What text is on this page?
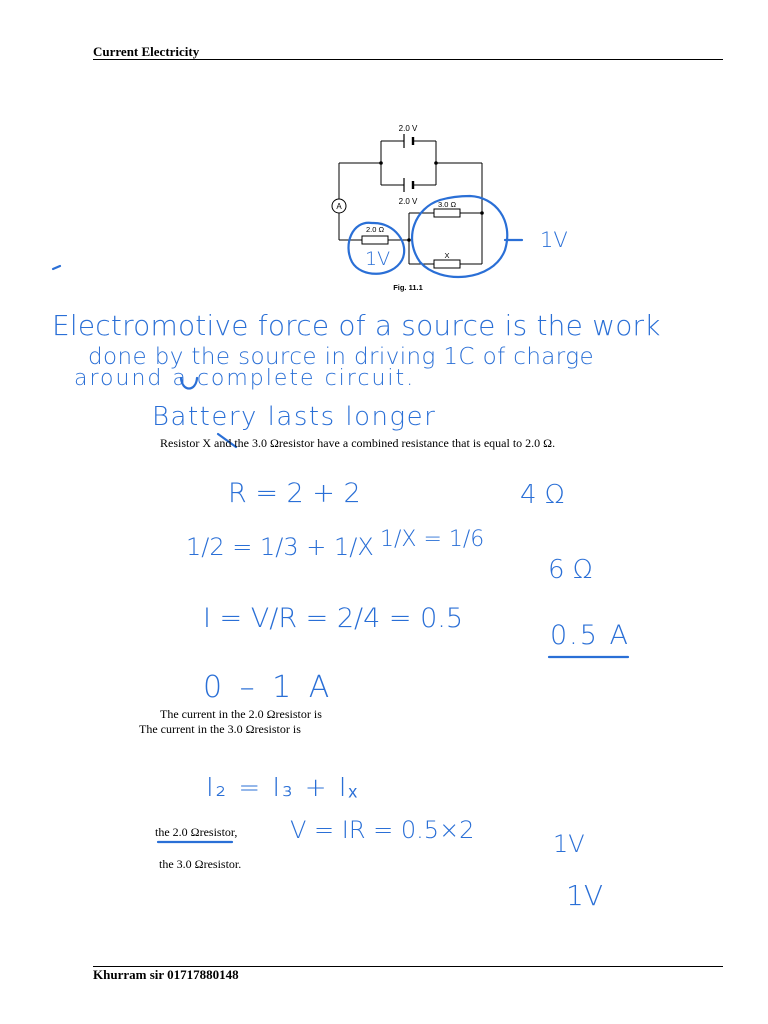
Current Electricity
Khurram sir 01717880148
A
2.0 V
2.0 V
2.0 Ω
3.0 Ω
X
Fig. 11.1
Resistor X and the 3.0 Ωresistor have a combined resistance that is equal to 2.0 Ω.
The current in the 2.0 Ωresistor is
The current in the 3.0 Ωresistor is
the 2.0 Ωresistor,
the 3.0 Ωresistor.
1V
1V
Electromotive force of a source is the work
done by the source in driving 1C of charge
around a complete circuit.
Battery lasts longer
R = 2 + 2	4 Ω
1/2 = 1/3 + 1/X 1/X = 1/6
6 Ω
I = V/R = 2/4 = 0.5
0.5 A
0 – 1 A
I₂ = I₃ + Iₓ
V = IR = 0.5×2	1V
1V
